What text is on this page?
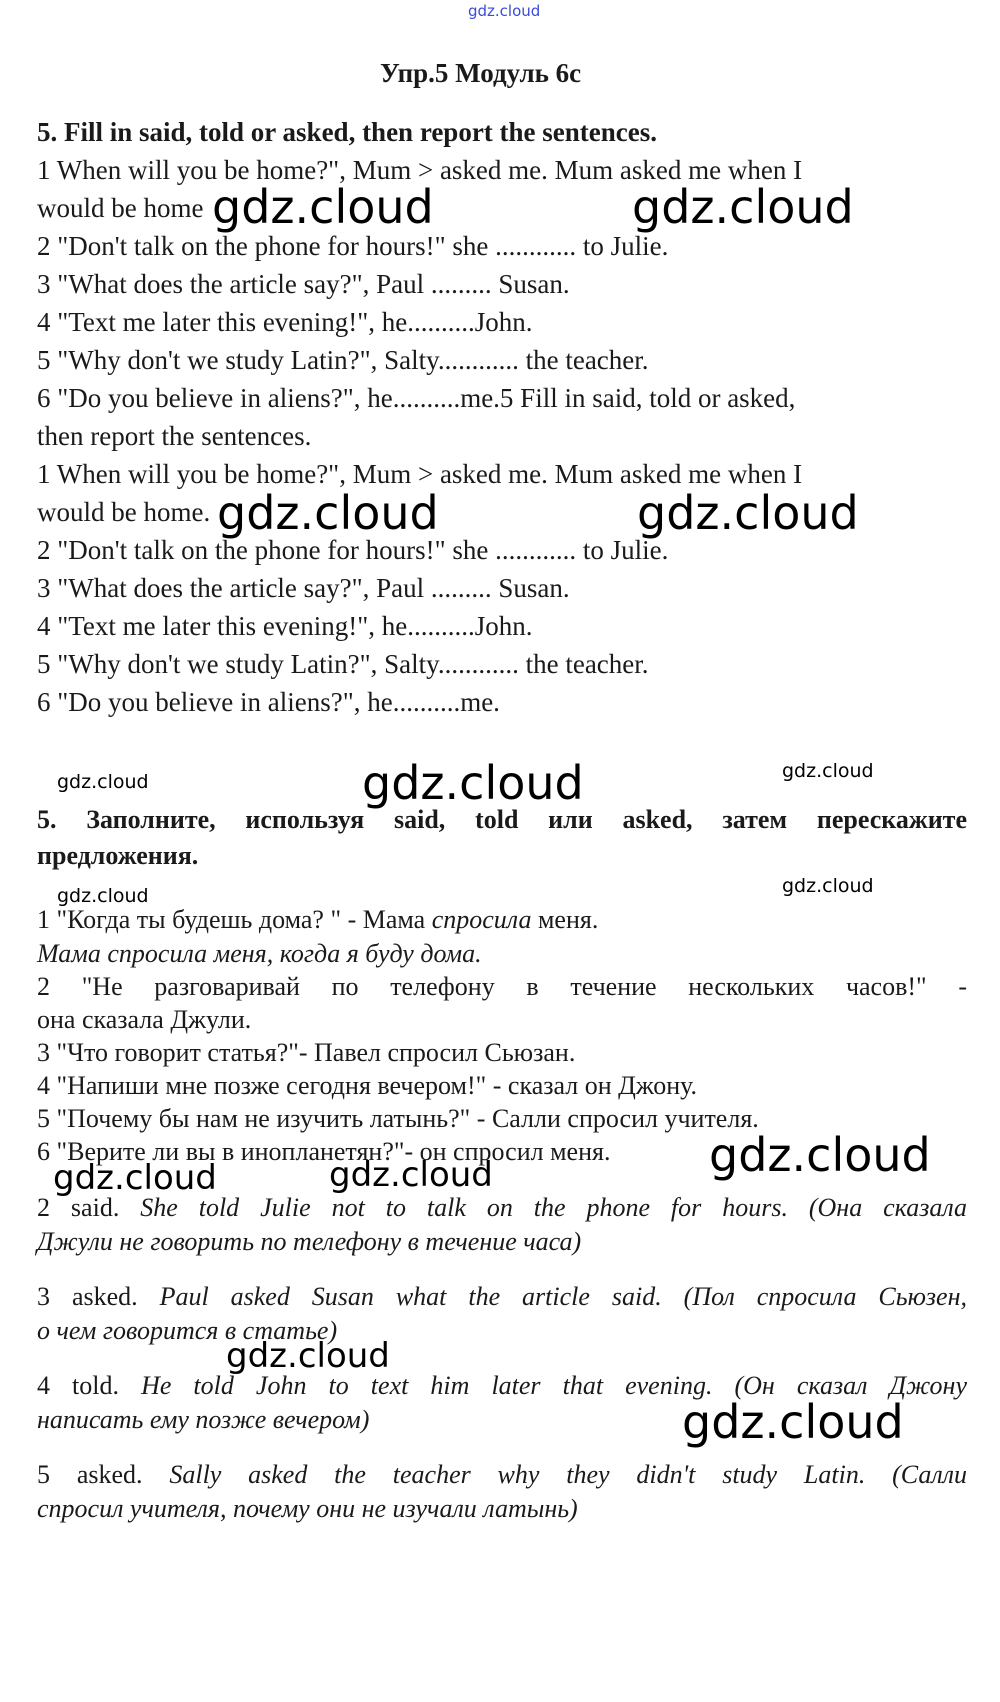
gdz.cloud
Упр.5 Модуль 6с
5. Fill in said, told or asked, then report the sentences.
1 When will you be home?", Mum > asked me. Mum asked me when I
would be home
2 "Don't talk on the phone for hours!" she ............ to Julie.
3 "What does the article say?", Paul ......... Susan.
4 "Text me later this evening!", he..........John.
5 "Why don't we study Latin?", Salty............ the teacher.
6 "Do you believe in aliens?", he..........me.5 Fill in said, told or asked,
then report the sentences.
1 When will you be home?", Mum > asked me. Mum asked me when I
would be home.
2 "Don't talk on the phone for hours!" she ............ to Julie.
3 "What does the article say?", Paul ......... Susan.
4 "Text me later this evening!", he..........John.
5 "Why don't we study Latin?", Salty............ the teacher.
6 "Do you believe in aliens?", he..........me.
5. Заполните, используя said, told или asked, затем перескажите
предложения.
1 "Когда ты будешь дома? " - Мама спросила меня.
Мама спросила меня, когда я буду дома.
2 "Не разговаривай по телефону в течение нескольких часов!" -
она сказала Джули.
3 "Что говорит статья?"- Павел спросил Сьюзан.
4 "Напиши мне позже сегодня вечером!" - сказал он Джону.
5 "Почему бы нам не изучить латынь?" - Салли спросил учителя.
6 "Верите ли вы в инопланетян?"- он спросил меня.
2 said. She told Julie not to talk on the phone for hours. (Она сказала
Джули не говорить по телефону в течение часа)
3 asked. Paul asked Susan what the article said. (Пол спросила Сьюзен,
о чем говорится в статье)
4 told. He told John to text him later that evening. (Он сказал Джону
написать ему позже вечером)
5 asked. Sally asked the teacher why they didn't study Latin. (Салли
спросил учителя, почему они не изучали латынь)
gdz.cloud	gdz.cloud
gdz.cloud	gdz.cloud
gdz.cloud	gdz.cloud	gdz.cloud
gdz.cloud	gdz.cloud
gdz.cloud
gdz.cloud	gdz.cloud
gdz.cloud
gdz.cloud
